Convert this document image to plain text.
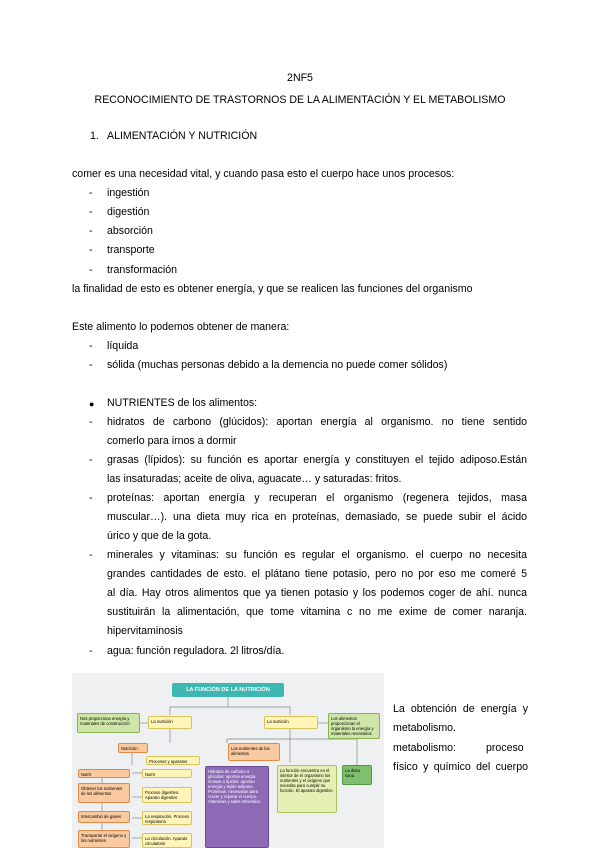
2NF5
RECONOCIMIENTO DE TRASTORNOS DE LA ALIMENTACIÓN Y EL METABOLISMO
1. ALIMENTACIÓN Y NUTRICIÓN
comer es una necesidad vital, y cuando pasa esto el cuerpo hace unos procesos:
- ingestión
- digestión
- absorción
- transporte
- transformación
la finalidad de esto es obtener energía, y que se realicen las funciones del organismo
Este alimento lo podemos obtener de manera:
- líquida
- sólida (muchas personas debido a la demencia no puede comer sólidos)
● NUTRIENTES de los alimentos:
- hidratos de carbono (glúcidos): aportan energía al organismo. no tiene sentido
comerlo para irnos a dormir
- grasas (lípidos): su función es aportar energía y constituyen el tejido adiposo.Están
las insaturadas; aceite de oliva, aguacate… y saturadas: fritos.
- proteínas: aportan energía y recuperan el organismo (regenera tejidos, masa
muscular…). una dieta muy rica en proteínas, demasiado, se puede subir el ácido
úrico y que de la gota.
- minerales y vitaminas: su función es regular el organismo. el cuerpo no necesita
grandes cantidades de esto. el plátano tiene potasio, pero no por eso me comeré 5
al día. Hay otros alimentos que ya tienen potasio y los podemos coger de ahí. nunca
sustituirán la alimentación, que tome vitamina c no me exime de comer naranja.
hipervitaminosis
- agua: función reguladora. 2l litros/día.
LA FUNCIÓN DE LA NUTRICIÓN
Nos proporciona energía y materiales de construcción	La nutrición	La nutrición
Los alimentos proporcionan el organismo la energía y materiales necesarios
Nutrición
Procesos y aparatos
Los nutrientes de los alimentos
Nutrir	Nutrir
Obtener los nutrientes de los alimentos	Proceso digestivo. Aparato digestivo
Intercambio de gases	La respiración. Proceso respiratorio
Transportar el oxígeno y los nutrientes	La circulación. Aparato circulatorio
Hidratos de carbono o glúcidos: aportan energía. Grasas o lípidos: aportan energía y tejido adiposo. Proteínas: necesarias para crecer y reparar el cuerpo. Vitaminas y sales minerales.
La función encuentra en el interior de el organismo los nutrientes y el oxígeno que necesita para cumplir su función. El aparato digestivo
La dieta sana
La obtención de energía y
metabolismo.
metabolismo:	proceso
físico y químico del cuerpo
